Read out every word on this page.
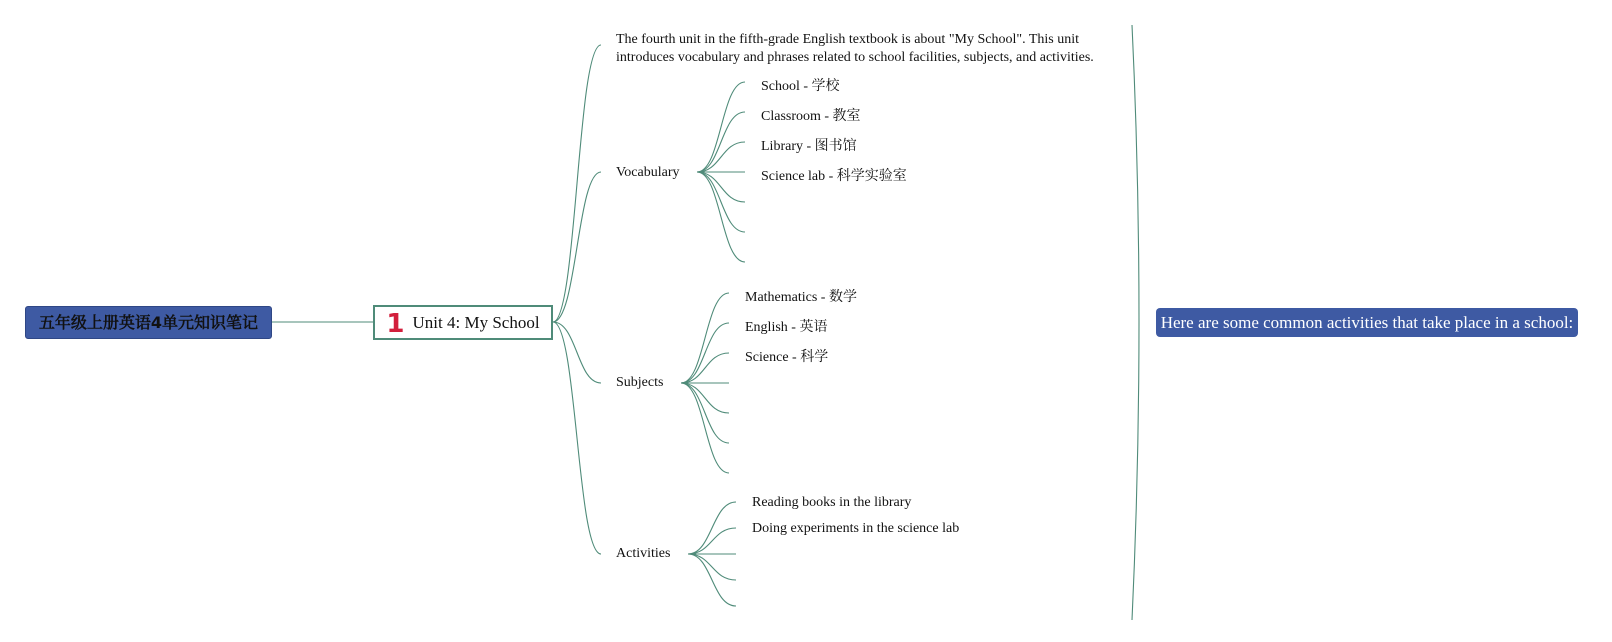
五年级上册英语4单元知识笔记	1 Unit 4: My School
The fourth unit in the fifth-grade English textbook is about "My School". This unit introduces vocabulary and phrases related to school facilities, subjects, and activities.
Vocabulary
School - 学校
Classroom - 教室
Library - 图书馆
Science lab - 科学实验室
Subjects
Mathematics - 数学
English - 英语
Science - 科学
Activities
Reading books in the library
Doing experiments in the science lab
Here are some common activities that take place in a school:
